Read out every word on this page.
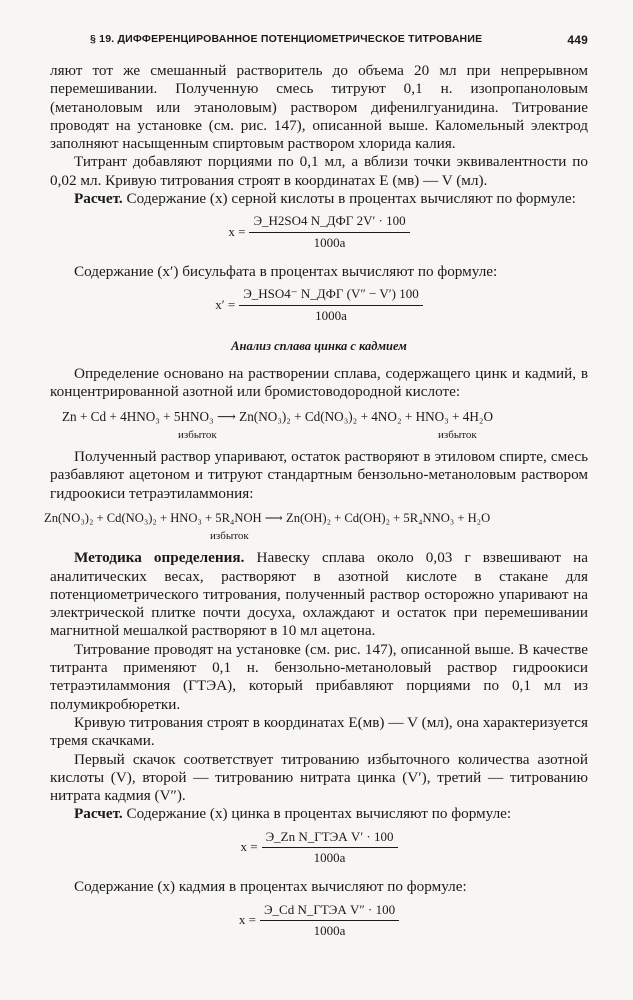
§ 19. ДИФФЕРЕНЦИРОВАННОЕ ПОТЕНЦИОМЕТРИЧЕСКОЕ ТИТРОВАНИЕ	449

ляют тот же смешанный растворитель до объема 20 мл при непрерывном перемешивании. Полученную смесь титруют 0,1 н. изопропаноловым (метаноловым или этаноловым) раствором дифенилгуанидина. Титрование проводят на установке (см. рис. 147), описанной выше. Каломельный электрод заполняют насыщенным спиртовым раствором хлорида калия.

Титрант добавляют порциями по 0,1 мл, а вблизи точки эквивалентности по 0,02 мл. Кривую титрования строят в координатах E (мв) — V (мл).

Расчет. Содержание (x) серной кислоты в процентах вычисляют по формуле:

$x = \frac{\text{Э\_H2SO4 N\_ДФГ 2V′ · 100}}{1000a}$

Содержание (x′) бисульфата в процентах вычисляют по формуле:

$x' = \frac{\text{Э\_HSO4⁻ N\_ДФГ (V″ − V′) 100}}{1000a}$
Анализ сплава цинка с кадмием

Определение основано на растворении сплава, содержащего цинк и кадмий, в концентрированной азотной или бромистоводородной кислоте:

Zn + Cd + 4HNO₃ + 5HNO₃ ⟶ Zn(NO₃)₂ + Cd(NO₃)₂ + 4NO₂ + HNO₃ + 4H₂O
избыток	избыток

Полученный раствор упаривают, остаток растворяют в этиловом спирте, смесь разбавляют ацетоном и титруют стандартным бензольно-метаноловым раствором гидроокиси тетраэтиламмония:

Zn(NO₃)₂ + Cd(NO₃)₂ + HNO₃ + 5R₄NOH ⟶ Zn(OH)₂ + Cd(OH)₂ + 5R₄NNO₃ + H₂O
избыток

Методика определения. Навеску сплава около 0,03 г взвешивают на аналитических весах, растворяют в азотной кислоте в стакане для потенциометрического титрования, полученный раствор осторожно упаривают на электрической плитке почти досуха, охлаждают и остаток при перемешивании магнитной мешалкой растворяют в 10 мл ацетона.

Титрование проводят на установке (см. рис. 147), описанной выше. В качестве титранта применяют 0,1 н. бензольно-метаноловый раствор гидроокиси тетраэтиламмония (ГТЭА), который прибавляют порциями по 0,1 мл из полумикробюретки.

Кривую титрования строят в координатах E(мв) — V (мл), она характеризуется тремя скачками.

Первый скачок соответствует титрованию избыточного количества азотной кислоты (V), второй — титрованию нитрата цинка (V′), третий — титрованию нитрата кадмия (V″).

Расчет. Содержание (x) цинка в процентах вычисляют по формуле:

$x = \frac{\text{Э\_Zn N\_ГТЭА V′ · 100}}{1000a}$

Содержание (x) кадмия в процентах вычисляют по формуле:

$x = \frac{\text{Э\_Cd N\_ГТЭА V″ · 100}}{1000a}$
